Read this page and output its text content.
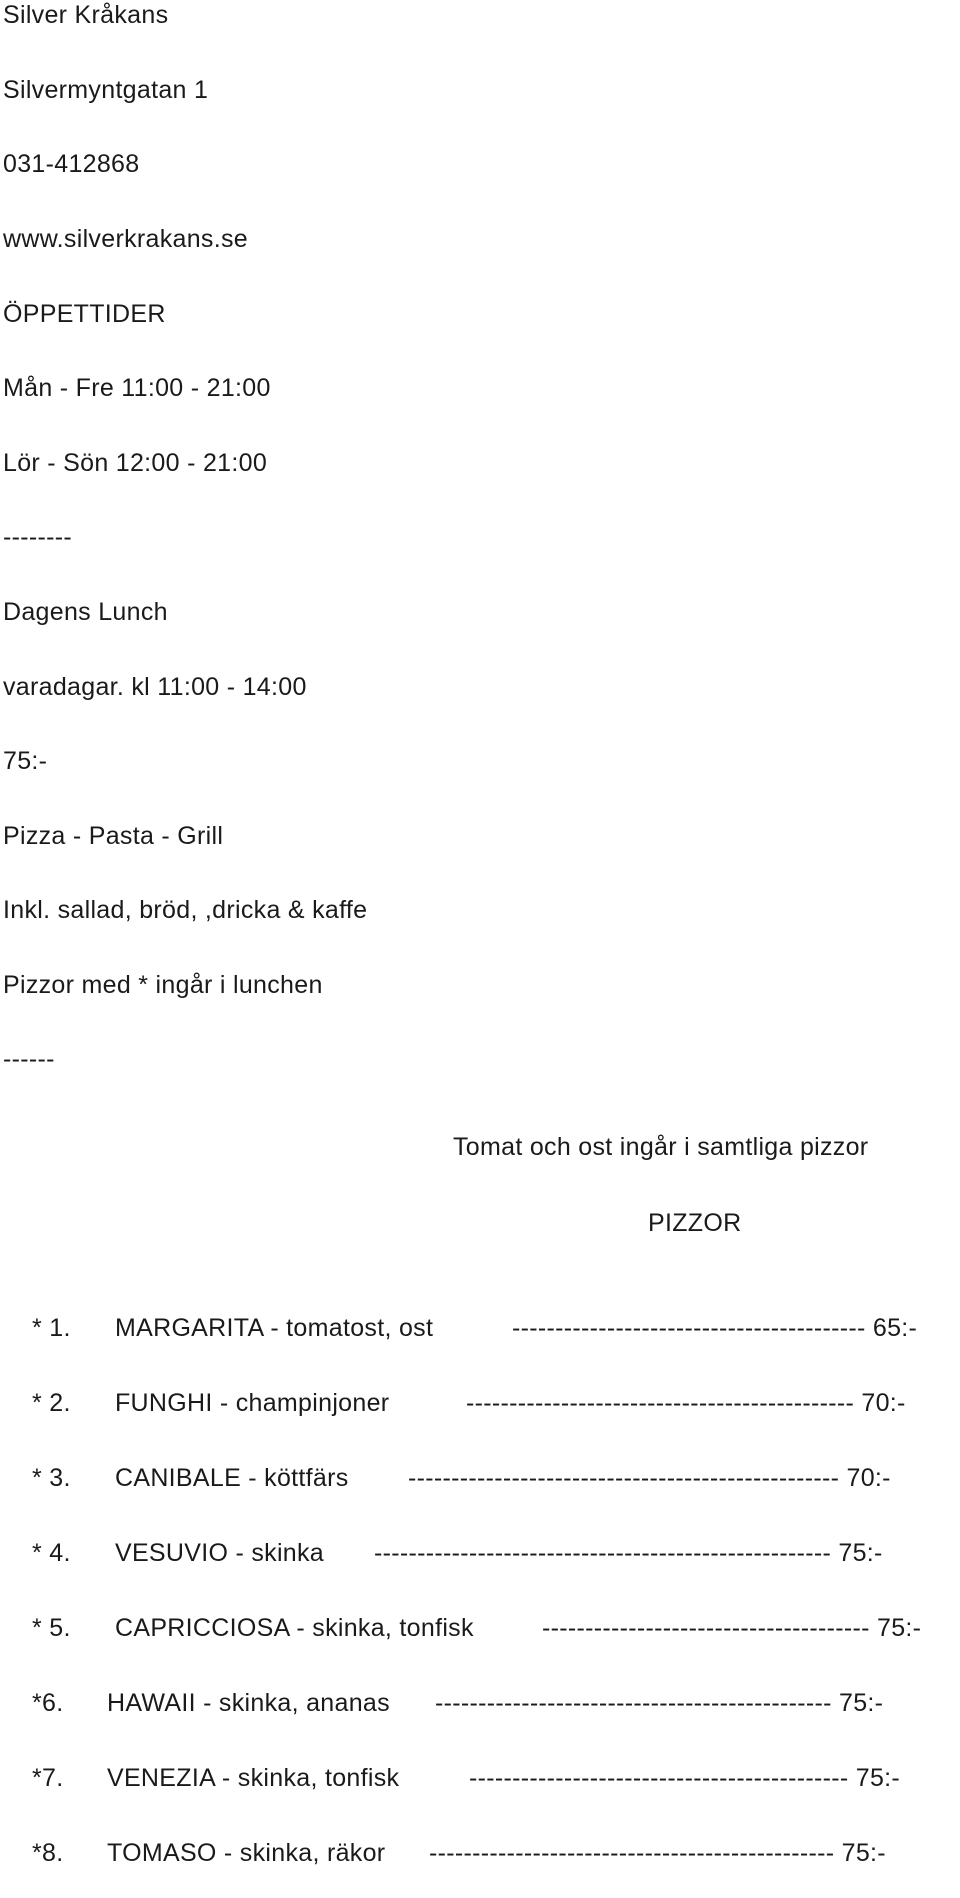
Silver Kråkans
Silvermyntgatan 1
031-412868
www.silverkrakans.se
ÖPPETTIDER
Mån - Fre 11:00 - 21:00
Lör - Sön 12:00 - 21:00
--------
Dagens Lunch
varadagar. kl 11:00 - 14:00
75:-
Pizza - Pasta - Grill
Inkl. sallad, bröd, ,dricka & kaffe
Pizzor med * ingår i lunchen
------
Tomat och ost ingår i samtliga pizzor
PIZZOR

* 1. MARGARITA - tomatost, ost	----------------------------------------- 65:-

* 2. FUNGHI - champinjoner	--------------------------------------------- 70:-

* 3. CANIBALE - köttfärs -------------------------------------------------- 70:-

* 4. VESUVIO - skinka ----------------------------------------------------- 75:-

* 5. CAPRICCIOSA - skinka, tonfisk	-------------------------------------- 75:-

*6. HAWAII - skinka, ananas ---------------------------------------------- 75:-

*7. VENEZIA - skinka, tonfisk	-------------------------------------------- 75:-

*8. TOMASO - skinka, räkor ----------------------------------------------- 75:-
